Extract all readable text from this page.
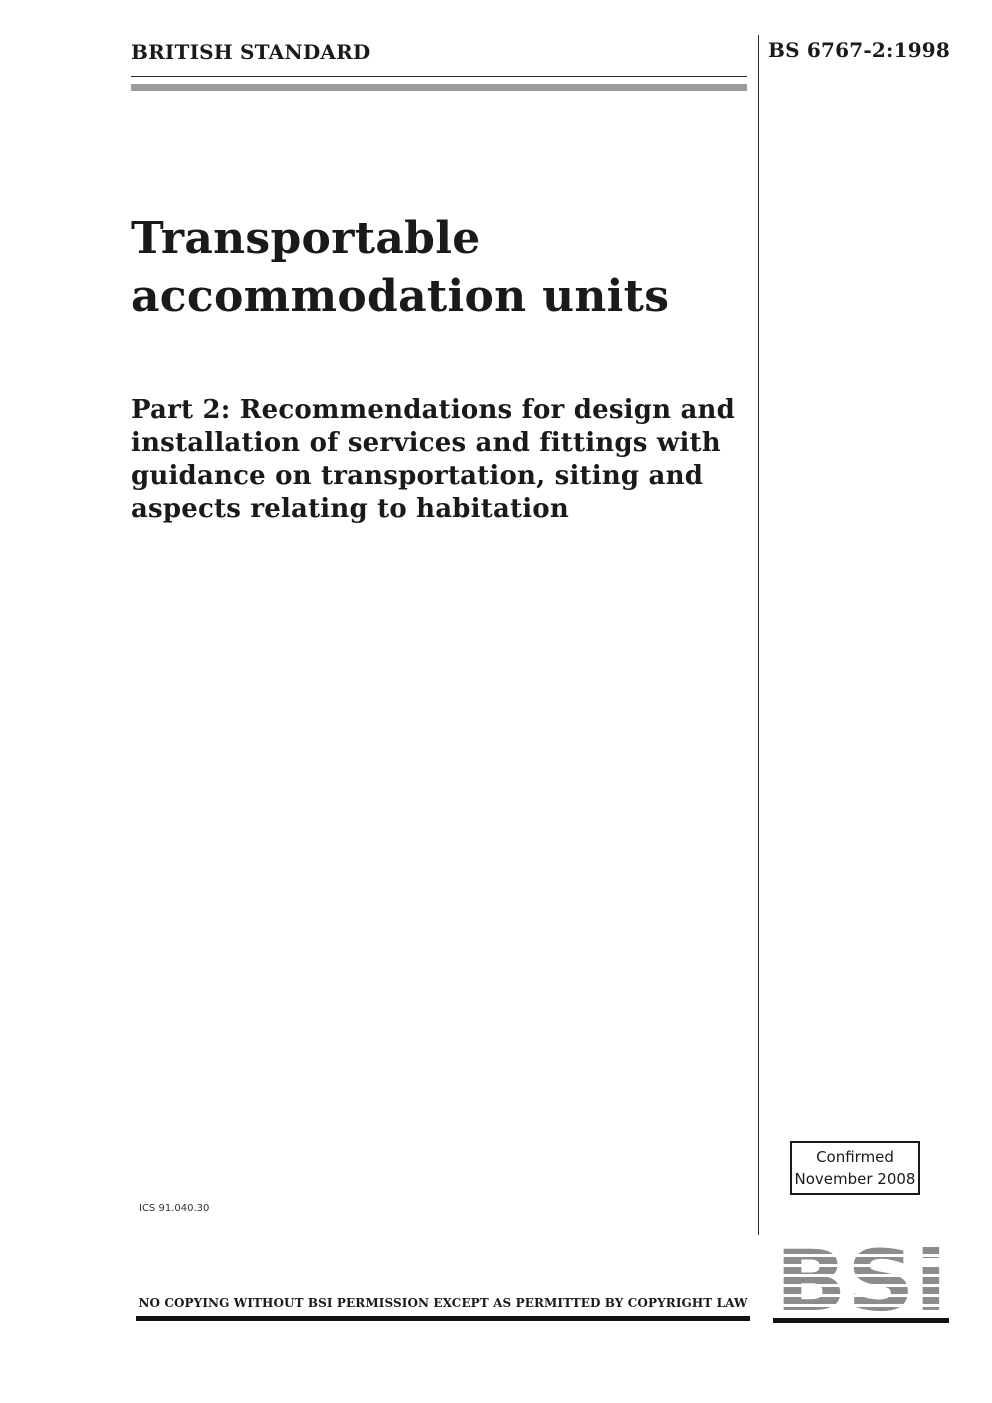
BRITISH STANDARD	BS 6767-2:1998
Transportable
accommodation units
Part 2: Recommendations for design and installation of services and fittings with guidance on transportation, siting and aspects relating to habitation
ICS 91.040.30
Confirmed
November 2008
NO COPYING WITHOUT BSI PERMISSION EXCEPT AS PERMITTED BY COPYRIGHT LAW
